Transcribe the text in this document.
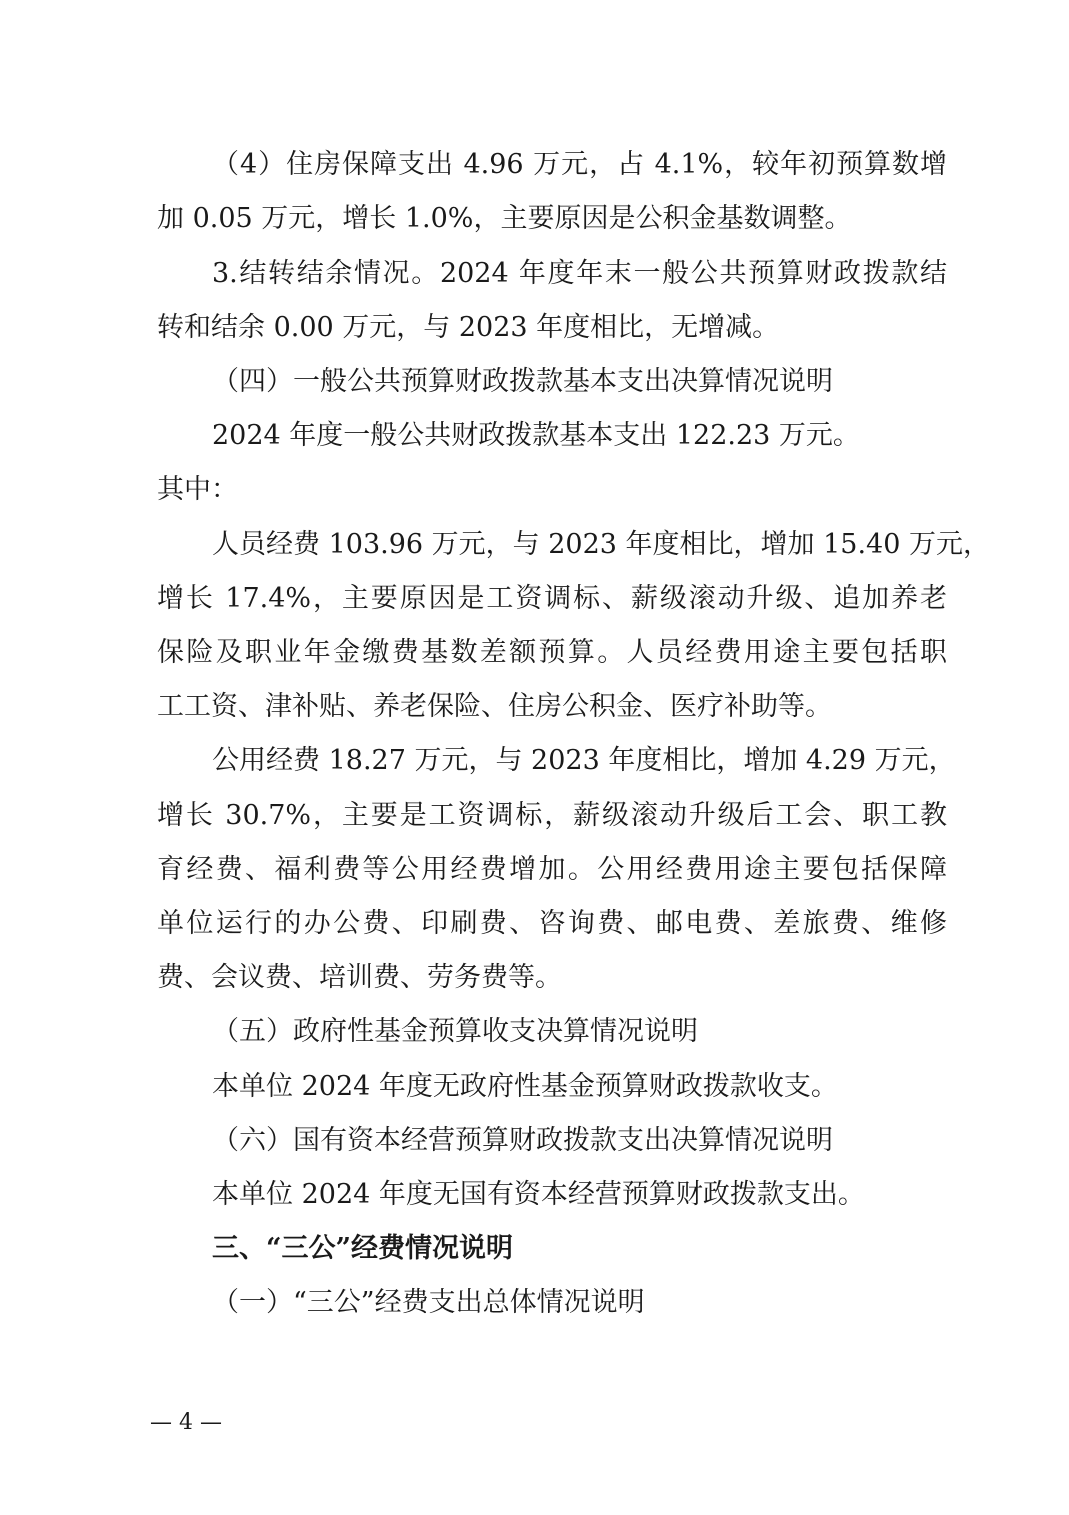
（4）住房保障支出 4.96 万元，占 4.1%，较年初预算数增
加 0.05 万元，增长 1.0%，主要原因是公积金基数调整。
3.结转结余情况。2024 年度年末一般公共预算财政拨款结
转和结余 0.00 万元，与 2023 年度相比，无增减。
（四）一般公共预算财政拨款基本支出决算情况说明
2024 年度一般公共财政拨款基本支出 122.23 万元。
其中：
人员经费 103.96 万元，与 2023 年度相比，增加 15.40 万元，
增长 17.4%，主要原因是工资调标、薪级滚动升级、追加养老
保险及职业年金缴费基数差额预算。人员经费用途主要包括职
工工资、津补贴、养老保险、住房公积金、医疗补助等。
公用经费 18.27 万元，与 2023 年度相比，增加 4.29 万元，
增长 30.7%，主要是工资调标，薪级滚动升级后工会、职工教
育经费、福利费等公用经费增加。公用经费用途主要包括保障
单位运行的办公费、印刷费、咨询费、邮电费、差旅费、维修
费、会议费、培训费、劳务费等。
（五）政府性基金预算收支决算情况说明
本单位 2024 年度无政府性基金预算财政拨款收支。
（六）国有资本经营预算财政拨款支出决算情况说明
本单位 2024 年度无国有资本经营预算财政拨款支出。
三、“三公”经费情况说明
（一）“三公”经费支出总体情况说明
— 4 —
